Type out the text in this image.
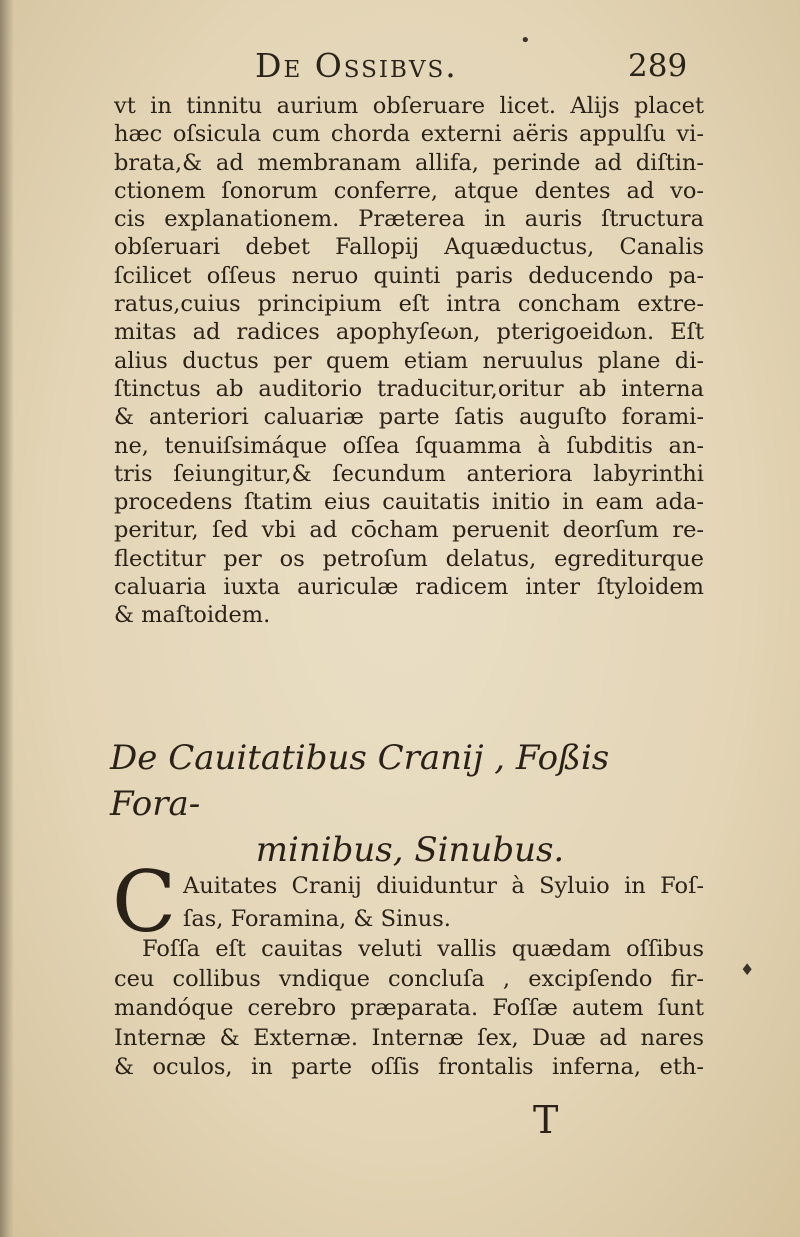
De Ossibvs.	289
vt in tinnitu aurium obſeruare licet. Alijs placet
hæc oſsicula cum chorda externi aëris appulſu vi-
brata,& ad membranam allifa, perinde ad diſtin-
ctionem ſonorum conferre, atque dentes ad vo-
cis explanationem. Præterea in auris ſtructura
obſeruari debet Fallopij Aquæductus, Canalis
ſcilicet oſſeus neruo quinti paris deducendo pa-
ratus,cuius principium eſt intra concham extre-
mitas ad radices apophyſeωn, pterigoeidωn. Eſt
alius ductus per quem etiam neruulus plane di-
ſtinctus ab auditorio traducitur,oritur ab interna
& anteriori caluariæ parte ſatis auguſto forami-
ne, tenuiſsimáque oſſea ſquamma à ſubditis an-
tris ſeiungitur,& ſecundum anteriora labyrinthi
procedens ſtatim eius cauitatis initio in eam ada-
peritur, ſed vbi ad cōcham peruenit deorſum re-
flectitur per os petroſum delatus, egrediturque
caluaria iuxta auriculæ radicem inter ſtyloidem
& maſtoidem.
De Cauitatibus Cranij , Foßis Fora-
minibus, Sinubus.
C Auitates Cranij diuiduntur à Syluio in Foſ-
ſas, Foramina, & Sinus.
Foſſa eſt cauitas veluti vallis quædam oſſibus
ceu collibus vndique concluſa , excipſendo fir-
mandóque cerebro præparata. Foſſæ autem ſunt
Internæ & Externæ. Internæ ſex, Duæ ad nares
& oculos, in parte oſſis frontalis inferna, eth-
T
•
♦
